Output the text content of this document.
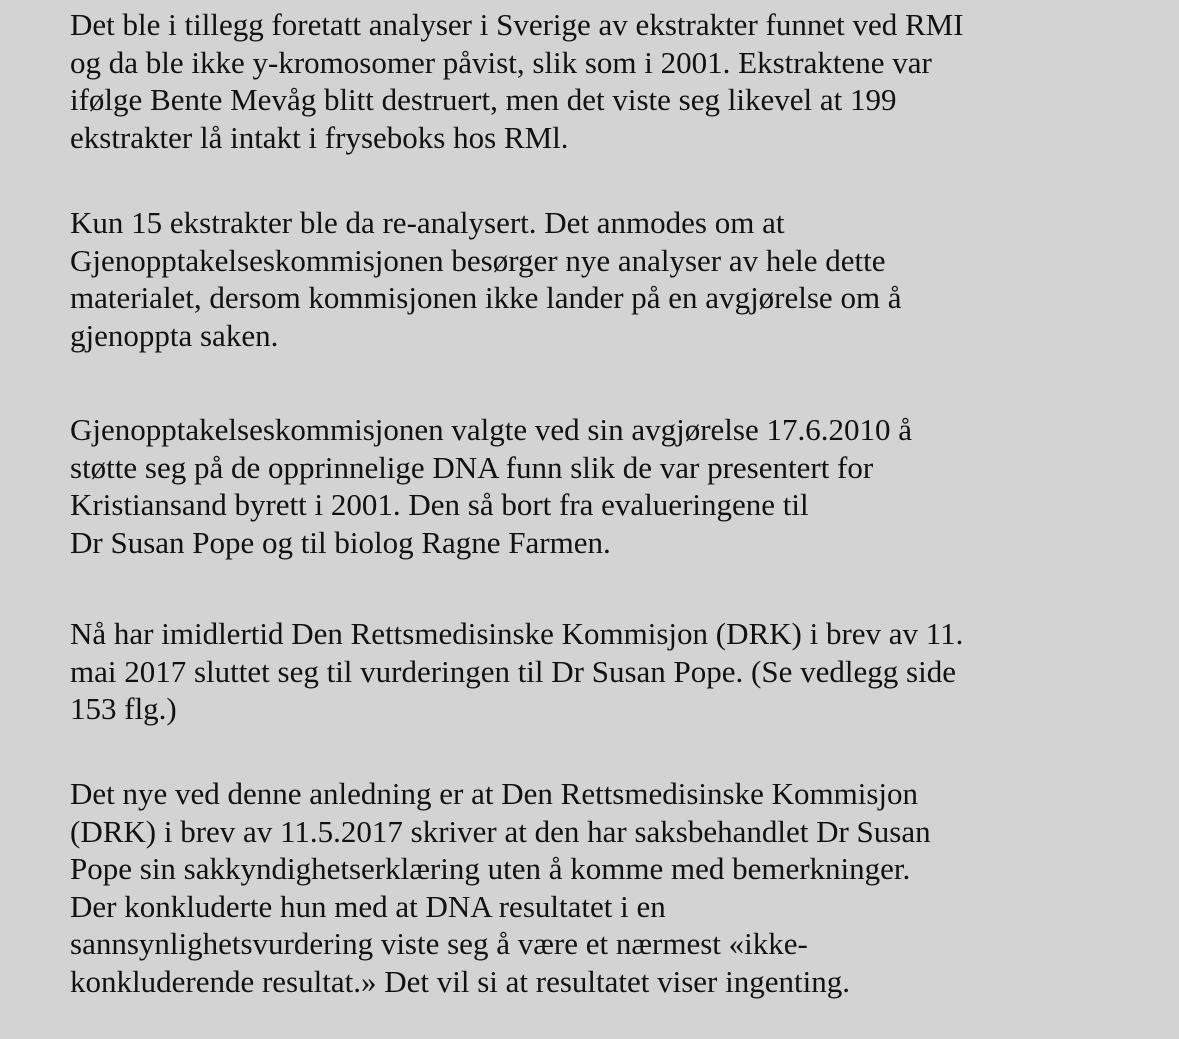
Det ble i tillegg foretatt analyser i Sverige av ekstrakter funnet ved RMI
og da ble ikke y-kromosomer påvist, slik som i 2001. Ekstraktene var
ifølge Bente Mevåg blitt destruert, men det viste seg likevel at 199
ekstrakter lå intakt i fryseboks hos RMl.

Kun 15 ekstrakter ble da re-analysert. Det anmodes om at
Gjenopptakelseskommisjonen besørger nye analyser av hele dette
materialet, dersom kommisjonen ikke lander på en avgjørelse om å
gjenoppta saken.

Gjenopptakelseskommisjonen valgte ved sin avgjørelse 17.6.2010 å
støtte seg på de opprinnelige DNA funn slik de var presentert for
Kristiansand byrett i 2001. Den så bort fra evalueringene til
Dr Susan Pope og til biolog Ragne Farmen.

Nå har imidlertid Den Rettsmedisinske Kommisjon (DRK) i brev av 11.
mai 2017 sluttet seg til vurderingen til Dr Susan Pope. (Se vedlegg side
153 flg.)

Det nye ved denne anledning er at Den Rettsmedisinske Kommisjon
(DRK) i brev av 11.5.2017 skriver at den har saksbehandlet Dr Susan
Pope sin sakkyndighetserklæring uten å komme med bemerkninger.
Der konkluderte hun med at DNA resultatet i en
sannsynlighetsvurdering viste seg å være et nærmest «ikke-
konkluderende resultat.» Det vil si at resultatet viser ingenting.
